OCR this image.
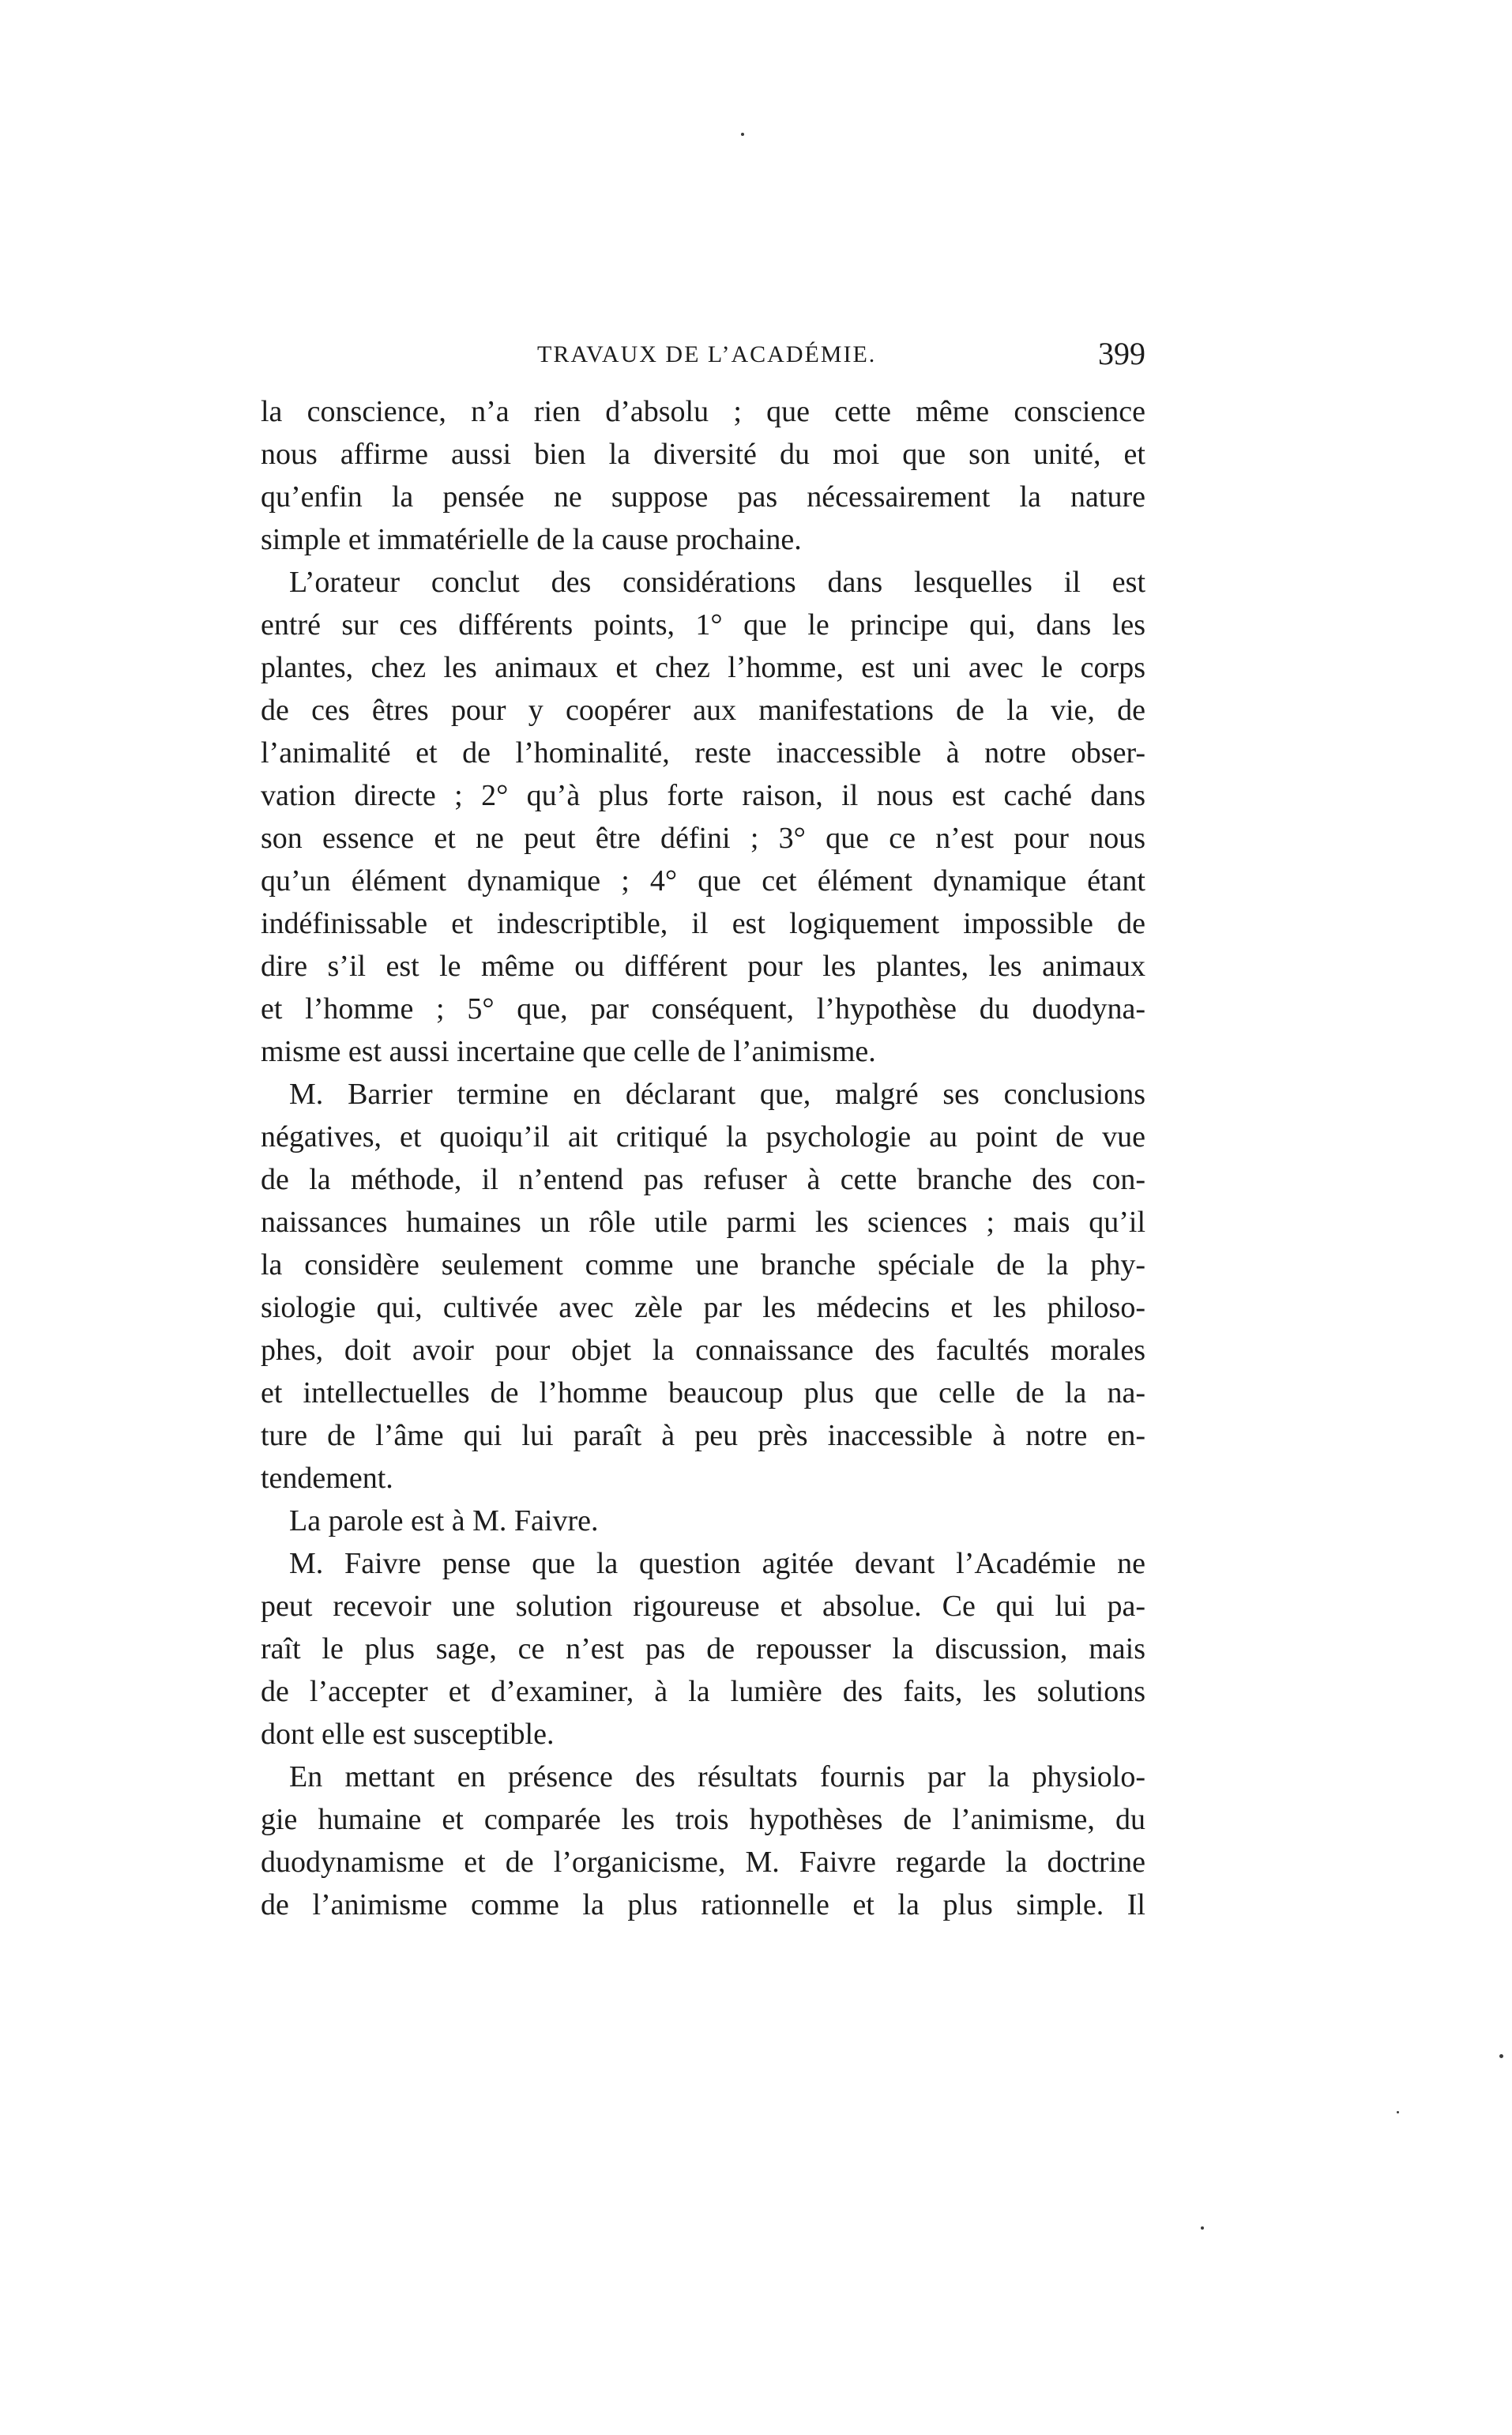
TRAVAUX DE L’ACADÉMIE.	399
la conscience, n’a rien d’absolu ; que cette même conscience
nous affirme aussi bien la diversité du moi que son unité, et
qu’enfin la pensée ne suppose pas nécessairement la nature
simple et immatérielle de la cause prochaine.
L’orateur conclut des considérations dans lesquelles il est
entré sur ces différents points, 1° que le principe qui, dans les
plantes, chez les animaux et chez l’homme, est uni avec le corps
de ces êtres pour y coopérer aux manifestations de la vie, de
l’animalité et de l’hominalité, reste inaccessible à notre obser-
vation directe ; 2° qu’à plus forte raison, il nous est caché dans
son essence et ne peut être défini ; 3° que ce n’est pour nous
qu’un élément dynamique ; 4° que cet élément dynamique étant
indéfinissable et indescriptible, il est logiquement impossible de
dire s’il est le même ou différent pour les plantes, les animaux
et l’homme ; 5° que, par conséquent, l’hypothèse du duodyna-
misme est aussi incertaine que celle de l’animisme.
M. Barrier termine en déclarant que, malgré ses conclusions
négatives, et quoiqu’il ait critiqué la psychologie au point de vue
de la méthode, il n’entend pas refuser à cette branche des con-
naissances humaines un rôle utile parmi les sciences ; mais qu’il
la considère seulement comme une branche spéciale de la phy-
siologie qui, cultivée avec zèle par les médecins et les philoso-
phes, doit avoir pour objet la connaissance des facultés morales
et intellectuelles de l’homme beaucoup plus que celle de la na-
ture de l’âme qui lui paraît à peu près inaccessible à notre en-
tendement.
La parole est à M. Faivre.
M. Faivre pense que la question agitée devant l’Académie ne
peut recevoir une solution rigoureuse et absolue. Ce qui lui pa-
raît le plus sage, ce n’est pas de repousser la discussion, mais
de l’accepter et d’examiner, à la lumière des faits, les solutions
dont elle est susceptible.
En mettant en présence des résultats fournis par la physiolo-
gie humaine et comparée les trois hypothèses de l’animisme, du
duodynamisme et de l’organicisme, M. Faivre regarde la doctrine
de l’animisme comme la plus rationnelle et la plus simple. Il
